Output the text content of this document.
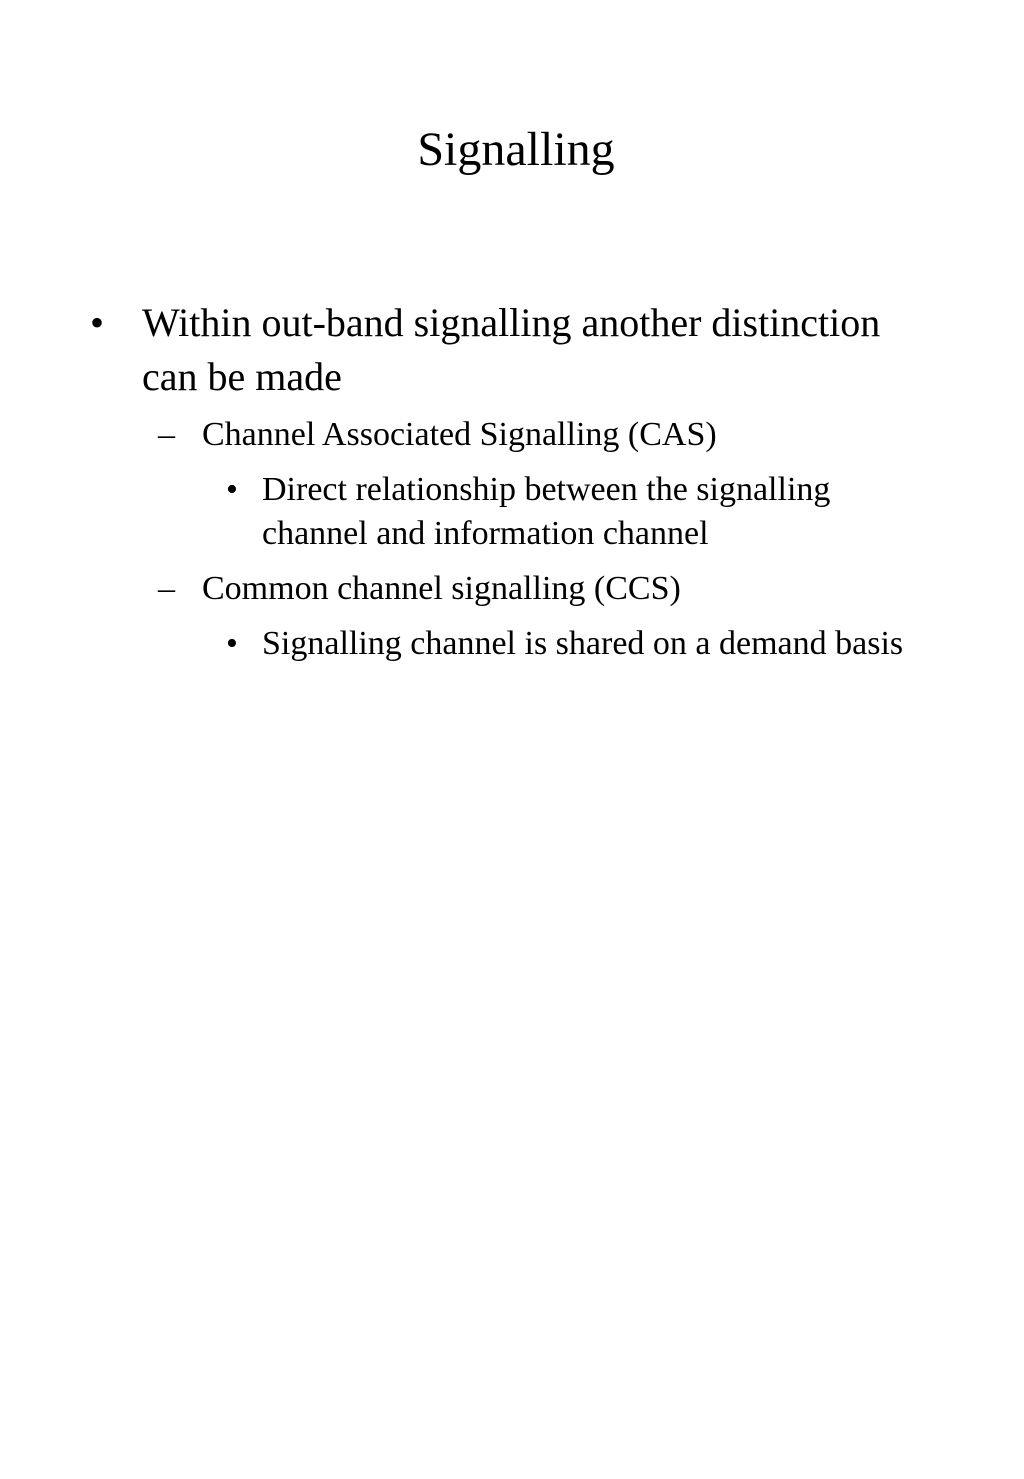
Signalling
• Within out-band signalling another distinction can be made
– Channel Associated Signalling (CAS)
• Direct relationship between the signalling channel and information channel
– Common channel signalling (CCS)
• Signalling channel is shared on a demand basis
